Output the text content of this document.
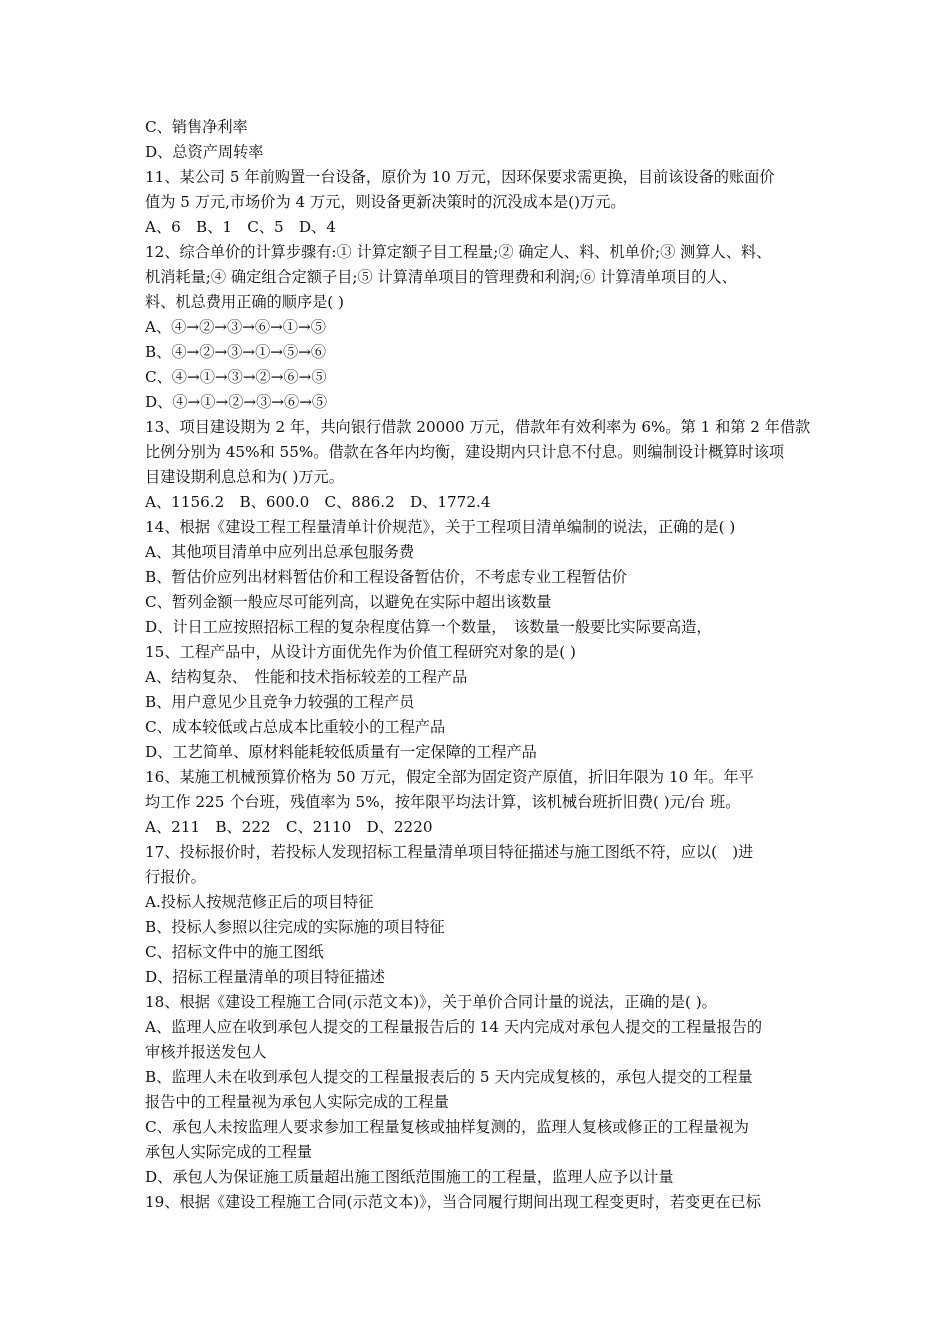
C、销售净利率
D、总资产周转率
11、某公司 5 年前购置一台设备，原价为 10 万元，因环保要求需更换，目前该设备的账面价
值为 5 万元,市场价为 4 万元，则设备更新决策时的沉没成本是()万元。
A、6　B、1　C、5　D、4
12、综合单价的计算步骤有:① 计算定额子目工程量;② 确定人、料、机单价;③ 测算人、料、
机消耗量;④ 确定组合定额子目;⑤ 计算清单项目的管理费和利润;⑥ 计算清单项目的人、
料、机总费用正确的顺序是( )
A、④→②→③→⑥→①→⑤
B、④→②→③→①→⑤→⑥
C、④→①→③→②→⑥→⑤
D、④→①→②→③→⑥→⑤
13、项目建设期为 2 年，共向银行借款 20000 万元，借款年有效利率为 6%。第 1 和第 2 年借款
比例分别为 45%和 55%。借款在各年内均衡，建设期内只计息不付息。则编制设计概算时该项
目建设期利息总和为( )万元。
A、1156.2　B、600.0　C、886.2　D、1772.4
14、根据《建设工程工程量清单计价规范》，关于工程项目清单编制的说法，正确的是( )
A、其他项目清单中应列出总承包服务费
B、暂估价应列出材料暂估价和工程设备暂估价，不考虑专业工程暂估价
C、暂列金额一般应尽可能列高，以避免在实际中超出该数量
D、计日工应按照招标工程的复杂程度估算一个数量，　该数量一般要比实际要高造，
15、工程产品中，从设计方面优先作为价值工程研究对象的是( )
A、结构复杂、　性能和技术指标较差的工程产品
B、用户意见少且竞争力较强的工程产员
C、成本较低或占总成本比重较小的工程产品
D、工艺简单、原材料能耗较低质量有一定保障的工程产品
16、某施工机械预算价格为 50 万元，假定全部为固定资产原值，折旧年限为 10 年。年平
均工作 225 个台班，残值率为 5%，按年限平均法计算，该机械台班折旧费( )元/台 班。
A、211　B、222　C、2110　D、2220
17、投标报价时，若投标人发现招标工程量清单项目特征描述与施工图纸不符，应以(　)进
行报价。
A.投标人按规范修正后的项目特征
B、投标人参照以往完成的实际施的项目特征
C、招标文件中的施工图纸
D、招标工程量清单的项目特征描述
18、根据《建设工程施工合同(示范文本)》，关于单价合同计量的说法，正确的是( )。
A、监理人应在收到承包人提交的工程量报告后的 14 天内完成对承包人提交的工程量报告的
审核并报送发包人
B、监理人未在收到承包人提交的工程量报表后的 5 天内完成复核的，承包人提交的工程量
报告中的工程量视为承包人实际完成的工程量
C、承包人未按监理人要求参加工程量复核或抽样复测的，监理人复核或修正的工程量视为
承包人实际完成的工程量
D、承包人为保证施工质量超出施工图纸范围施工的工程量，监理人应予以计量
19、根据《建设工程施工合同(示范文本)》，当合同履行期间出现工程变更时，若变更在已标
